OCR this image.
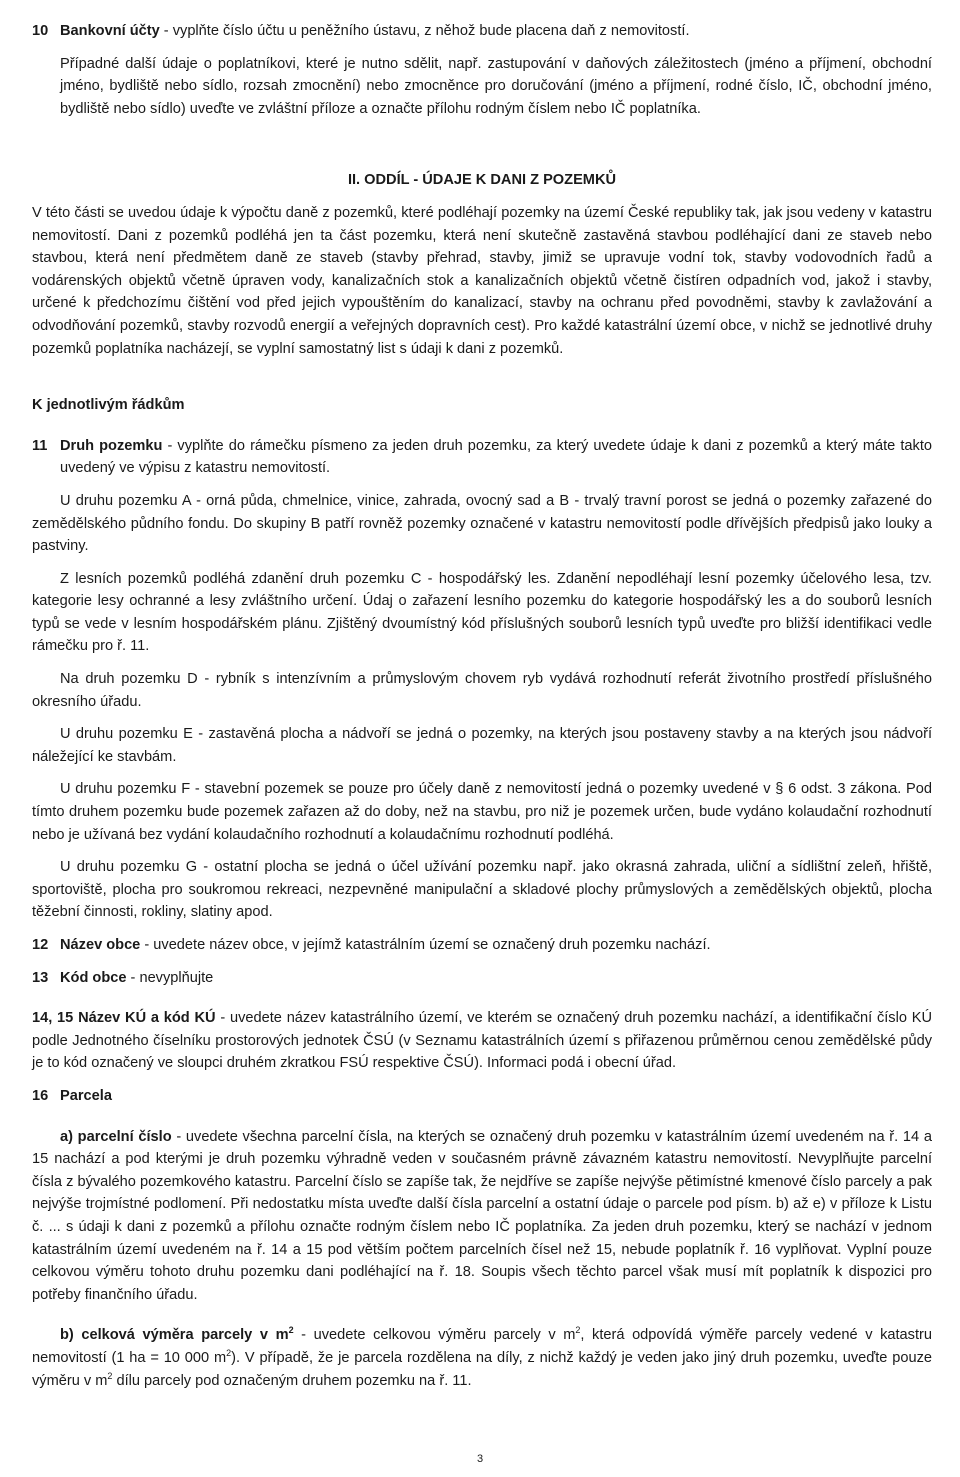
10 Bankovní účty - vyplňte číslo účtu u peněžního ústavu, z něhož bude placena daň z nemovitostí.

Případné další údaje o poplatníkovi, které je nutno sdělit, např. zastupování v daňových záležitostech (jméno a příjmení, obchodní jméno, bydliště nebo sídlo, rozsah zmocnění) nebo zmocněnce pro doručování (jméno a příjmení, rodné číslo, IČ, obchodní jméno, bydliště nebo sídlo) uveďte ve zvláštní příloze a označte přílohu rodným číslem nebo IČ poplatníka.

II. ODDÍL - ÚDAJE K DANI Z POZEMKŮ

V této části se uvedou údaje k výpočtu daně z pozemků, které podléhají pozemky na území České republiky tak, jak jsou vedeny v katastru nemovitostí. Dani z pozemků podléhá jen ta část pozemku, která není skutečně zastavěná stavbou podléhající dani ze staveb nebo stavbou, která není předmětem daně ze staveb (stavby přehrad, stavby, jimiž se upravuje vodní tok, stavby vodovodních řadů a vodárenských objektů včetně úpraven vody, kanalizačních stok a kanalizačních objektů včetně čistíren odpadních vod, jakož i stavby, určené k předchozímu čištění vod před jejich vypouštěním do kanalizací, stavby na ochranu před povodněmi, stavby k zavlažování a odvodňování pozemků, stavby rozvodů energií a veřejných dopravních cest). Pro každé katastrální území obce, v nichž se jednotlivé druhy pozemků poplatníka nacházejí, se vyplní samostatný list s údaji k dani z pozemků.

K jednotlivým řádkům

11 Druh pozemku - vyplňte do rámečku písmeno za jeden druh pozemku, za který uvedete údaje k dani z pozemků a který máte takto uvedený ve výpisu z katastru nemovitostí.

U druhu pozemku A - orná půda, chmelnice, vinice, zahrada, ovocný sad a B - trvalý travní porost se jedná o pozemky zařazené do zemědělského půdního fondu. Do skupiny B patří rovněž pozemky označené v katastru nemovitostí podle dřívějších předpisů jako louky a pastviny.

Z lesních pozemků podléhá zdanění druh pozemku C - hospodářský les. Zdanění nepodléhají lesní pozemky účelového lesa, tzv. kategorie lesy ochranné a lesy zvláštního určení. Údaj o zařazení lesního pozemku do kategorie hospodářský les a do souborů lesních typů se vede v lesním hospodářském plánu. Zjištěný dvoumístný kód příslušných souborů lesních typů uveďte pro bližší identifikaci vedle rámečku pro ř. 11.

Na druh pozemku D - rybník s intenzívním a průmyslovým chovem ryb vydává rozhodnutí referát životního prostředí příslušného okresního úřadu.

U druhu pozemku E - zastavěná plocha a nádvoří se jedná o pozemky, na kterých jsou postaveny stavby a na kterých jsou nádvoří náležející ke stavbám.

U druhu pozemku F - stavební pozemek se pouze pro účely daně z nemovitostí jedná o pozemky uvedené v § 6 odst. 3 zákona. Pod tímto druhem pozemku bude pozemek zařazen až do doby, než na stavbu, pro niž je pozemek určen, bude vydáno kolaudační rozhodnutí nebo je užívaná bez vydání kolaudačního rozhodnutí a kolaudačnímu rozhodnutí podléhá.

U druhu pozemku G - ostatní plocha se jedná o účel užívání pozemku např. jako okrasná zahrada, uliční a sídlištní zeleň, hřiště, sportoviště, plocha pro soukromou rekreaci, nezpevněné manipulační a skladové plochy průmyslových a zemědělských objektů, plocha těžební činnosti, rokliny, slatiny apod.

12 Název obce - uvedete název obce, v jejímž katastrálním území se označený druh pozemku nachází.

13 Kód obce - nevyplňujte

14, 15 Název KÚ a kód KÚ - uvedete název katastrálního území, ve kterém se označený druh pozemku nachází, a identifikační číslo KÚ podle Jednotného číselníku prostorových jednotek ČSÚ (v Seznamu katastrálních území s přiřazenou průměrnou cenou zemědělské půdy je to kód označený ve sloupci druhém zkratkou FSÚ respektive ČSÚ). Informaci podá i obecní úřad.

16 Parcela

a) parcelní číslo - uvedete všechna parcelní čísla, na kterých se označený druh pozemku v katastrálním území uvedeném na ř. 14 a 15 nachází a pod kterými je druh pozemku výhradně veden v současném právně závazném katastru nemovitostí. Nevyplňujte parcelní čísla z bývalého pozemkového katastru. Parcelní číslo se zapíše tak, že nejdříve se zapíše nejvýše pětimístné kmenové číslo parcely a pak nejvýše trojmístné podlomení. Při nedostatku místa uveďte další čísla parcelní a ostatní údaje o parcele pod písm. b) až e) v příloze k Listu č. ... s údaji k dani z pozemků a přílohu označte rodným číslem nebo IČ poplatníka. Za jeden druh pozemku, který se nachází v jednom katastrálním území uvedeném na ř. 14 a 15 pod větším počtem parcelních čísel než 15, nebude poplatník ř. 16 vyplňovat. Vyplní pouze celkovou výměru tohoto druhu pozemku dani podléhající na ř. 18. Soupis všech těchto parcel však musí mít poplatník k dispozici pro potřeby finančního úřadu.

b) celková výměra parcely v $m^2$ - uvedete celkovou výměru parcely v $m^2$, která odpovídá výměře parcely vedené v katastru nemovitostí (1 ha = 10 000 $m^2$). V případě, že je parcela rozdělena na díly, z nichž každý je veden jako jiný druh pozemku, uveďte pouze výměru v $m^2$ dílu parcely pod označeným druhem pozemku na ř. 11.

3
